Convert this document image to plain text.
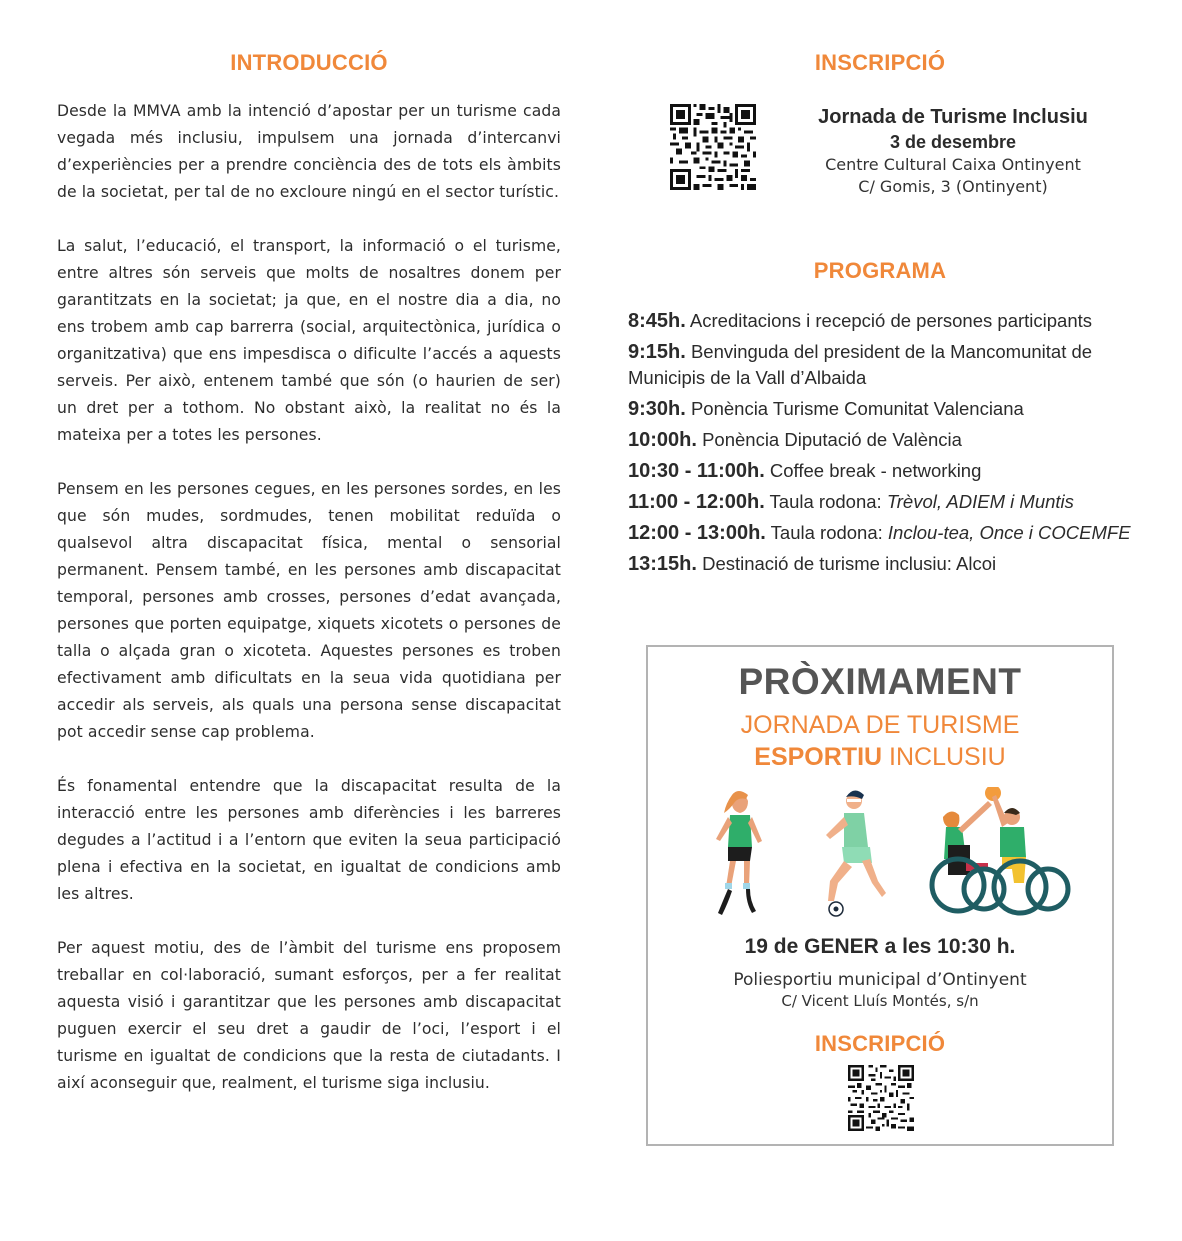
INTRODUCCIÓ

Desde la MMVA amb la intenció d’apostar per un turisme cada vegada més inclusiu, impulsem una jornada d’intercanvi d’experiències per a prendre conciència des de tots els àmbits de la societat, per tal de no excloure ningú en el sector turístic.

La salut, l’educació, el transport, la informació o el turisme, entre altres són serveis que molts de nosaltres donem per garantitzats en la societat; ja que, en el nostre dia a dia, no ens trobem amb cap barrerra (social, arquitectònica, jurídica o organitzativa) que ens impesdisca o dificulte l’accés a aquests serveis. Per això, entenem també que són (o haurien de ser) un dret per a tothom. No obstant això, la realitat no és la mateixa per a totes les persones.

Pensem en les persones cegues, en les persones sordes, en les que són mudes, sordmudes, tenen mobilitat reduïda o qualsevol altra discapacitat física, mental o sensorial permanent. Pensem també, en les persones amb discapacitat temporal, persones amb crosses, persones d’edat avançada, persones que porten equipatge, xiquets xicotets o persones de talla o alçada gran o xicoteta. Aquestes persones es troben efectivament amb dificultats en la seua vida quotidiana per accedir als serveis, als quals una persona sense discapacitat pot accedir sense cap problema.

És fonamental entendre que la discapacitat resulta de la interacció entre les persones amb diferències i les barreres degudes a l’actitud i a l’entorn que eviten la seua participació plena i efectiva en la societat, en igualtat de condicions amb les altres.

Per aquest motiu, des de l’àmbit del turisme ens proposem treballar en col·laboració, sumant esforços, per a fer realitat aquesta visió i garantitzar que les persones amb discapacitat puguen exercir el seu dret a gaudir de l’oci, l’esport i el turisme en igualtat de condicions que la resta de ciutadants. I així aconseguir que, realment, el turisme siga inclusiu.

INSCRIPCIÓ
Jornada de Turisme Inclusiu
3 de desembre
Centre Cultural Caixa Ontinyent
C/ Gomis, 3 (Ontinyent)
PROGRAMA
8:45h. Acreditacions i recepció de persones participants
9:15h. Benvinguda del president de la Mancomunitat de Municipis de la Vall d’Albaida
9:30h. Ponència Turisme Comunitat Valenciana
10:00h. Ponència Diputació de València
10:30 - 11:00h. Coffee break - networking
11:00 - 12:00h. Taula rodona: Trèvol, ADIEM i Muntis
12:00 - 13:00h. Taula rodona: Inclou-tea, Once i COCEMFE
13:15h. Destinació de turisme inclusiu: Alcoi
PRÒXIMAMENT
JORNADA DE TURISME
ESPORTIU INCLUSIU
19 de GENER a les 10:30 h.
Poliesportiu municipal d’Ontinyent
C/ Vicent Lluís Montés, s/n
INSCRIPCIÓ
